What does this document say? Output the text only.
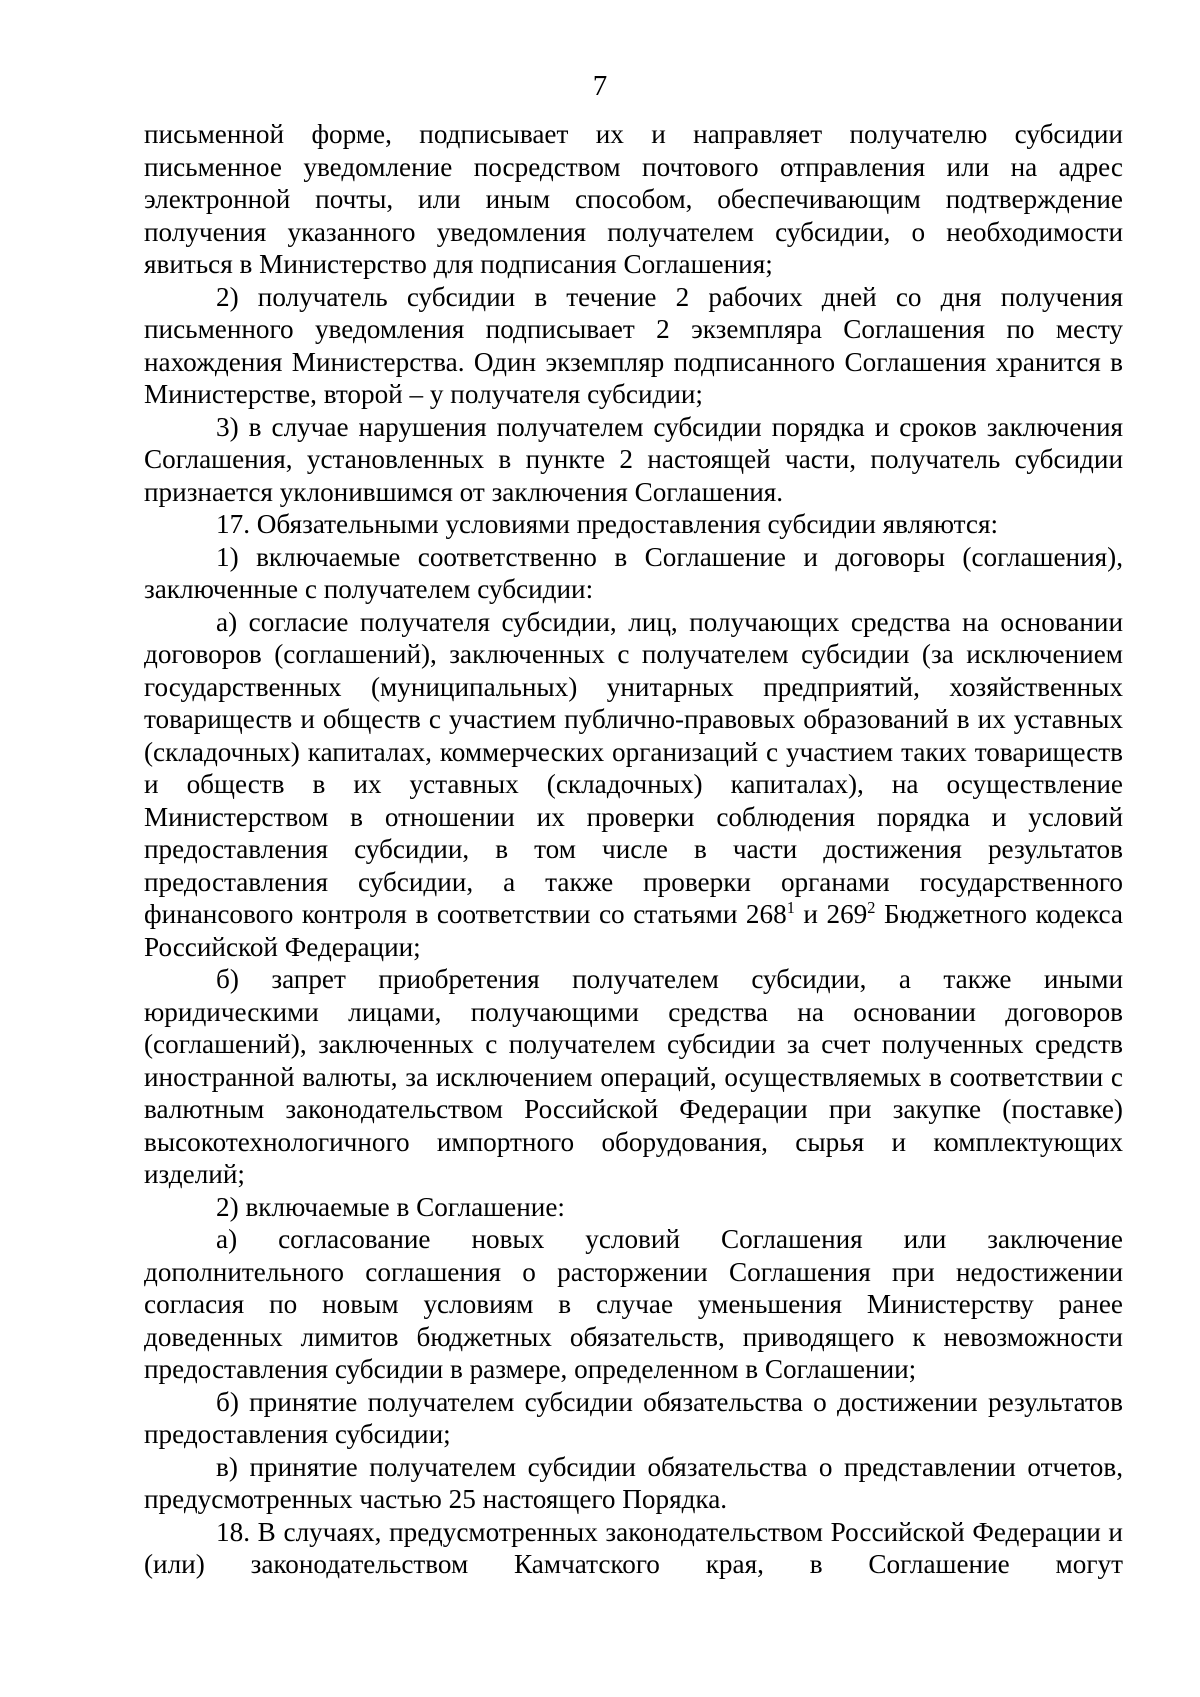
7

письменной форме, подписывает их и направляет получателю субсидии письменное уведомление посредством почтового отправления или на адрес электронной почты, или иным способом, обеспечивающим подтверждение получения указанного уведомления получателем субсидии, о необходимости явиться в Министерство для подписания Соглашения;

2) получатель субсидии в течение 2 рабочих дней со дня получения письменного уведомления подписывает 2 экземпляра Соглашения по месту нахождения Министерства. Один экземпляр подписанного Соглашения хранится в Министерстве, второй – у получателя субсидии;

3) в случае нарушения получателем субсидии порядка и сроков заключения Соглашения, установленных в пункте 2 настоящей части, получатель субсидии признается уклонившимся от заключения Соглашения.

17. Обязательными условиями предоставления субсидии являются:

1) включаемые соответственно в Соглашение и договоры (соглашения), заключенные с получателем субсидии:

а) согласие получателя субсидии, лиц, получающих средства на основании договоров (соглашений), заключенных с получателем субсидии (за исключением государственных (муниципальных) унитарных предприятий, хозяйственных товариществ и обществ с участием публично-правовых образований в их уставных (складочных) капиталах, коммерческих организаций с участием таких товариществ и обществ в их уставных (складочных) капиталах), на осуществление Министерством в отношении их проверки соблюдения порядка и условий предоставления субсидии, в том числе в части достижения результатов предоставления субсидии, а также проверки органами государственного финансового контроля в соответствии со статьями $268^1$ и $269^2$ Бюджетного кодекса Российской Федерации;

б) запрет приобретения получателем субсидии, а также иными юридическими лицами, получающими средства на основании договоров (соглашений), заключенных с получателем субсидии за счет полученных средств иностранной валюты, за исключением операций, осуществляемых в соответствии с валютным законодательством Российской Федерации при закупке (поставке) высокотехнологичного импортного оборудования, сырья и комплектующих изделий;

2) включаемые в Соглашение:

а) согласование новых условий Соглашения или заключение дополнительного соглашения о расторжении Соглашения при недостижении согласия по новым условиям в случае уменьшения Министерству ранее доведенных лимитов бюджетных обязательств, приводящего к невозможности предоставления субсидии в размере, определенном в Соглашении;

б) принятие получателем субсидии обязательства о достижении результатов предоставления субсидии;

в) принятие получателем субсидии обязательства о представлении отчетов, предусмотренных частью 25 настоящего Порядка.

18. В случаях, предусмотренных законодательством Российской Федерации и (или) законодательством Камчатского края, в Соглашение могут
